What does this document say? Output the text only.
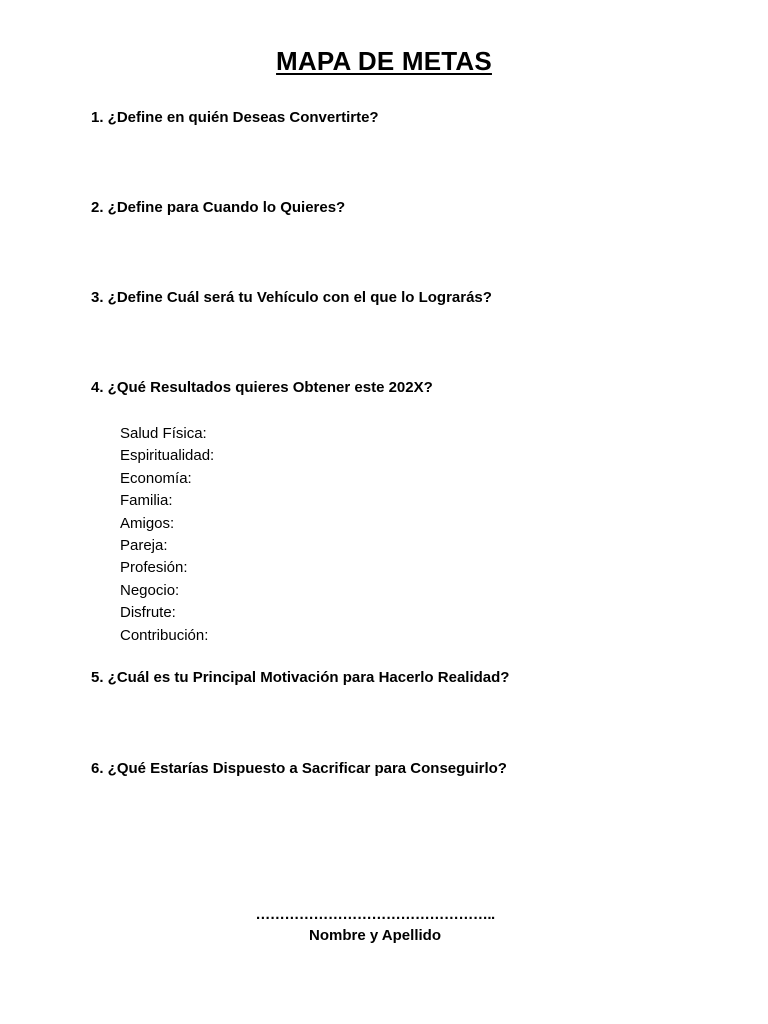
MAPA DE METAS
1. ¿Define en quién Deseas Convertirte?
2. ¿Define para Cuando lo Quieres?
3. ¿Define Cuál será tu Vehículo con el que lo Lograrás?
4. ¿Qué Resultados quieres Obtener este 202X?
Salud Física:
Espiritualidad:
Economía:
Familia:
Amigos:
Pareja:
Profesión:
Negocio:
Disfrute:
Contribución:
5. ¿Cuál es tu Principal Motivación para Hacerlo Realidad?
6. ¿Qué Estarías Dispuesto a Sacrificar para Conseguirlo?
…………………………………………..
Nombre y Apellido
